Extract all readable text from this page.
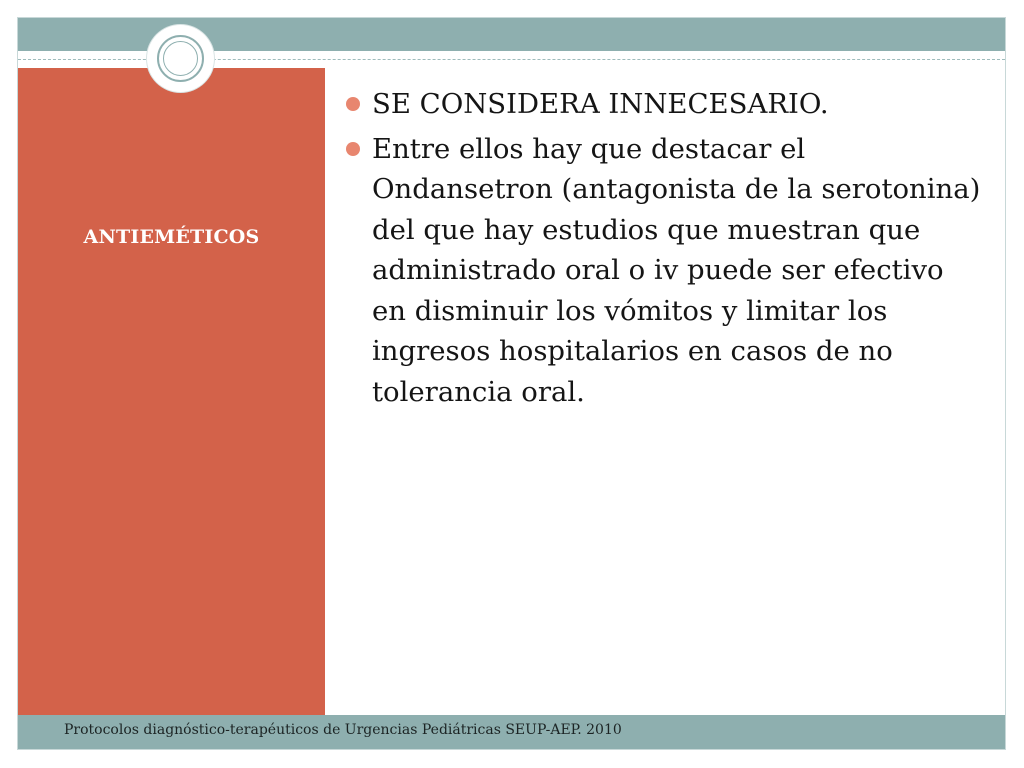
ANTIEMÉTICOS

SE CONSIDERA INNECESARIO.
Entre ellos hay que destacar el Ondansetron (antagonista de la serotonina) del que hay estudios que muestran que administrado oral o iv puede ser efectivo en disminuir los vómitos y limitar los ingresos hospitalarios en casos de no tolerancia oral.

Protocolos diagnóstico-terapéuticos de Urgencias Pediátricas SEUP-AEP. 2010
